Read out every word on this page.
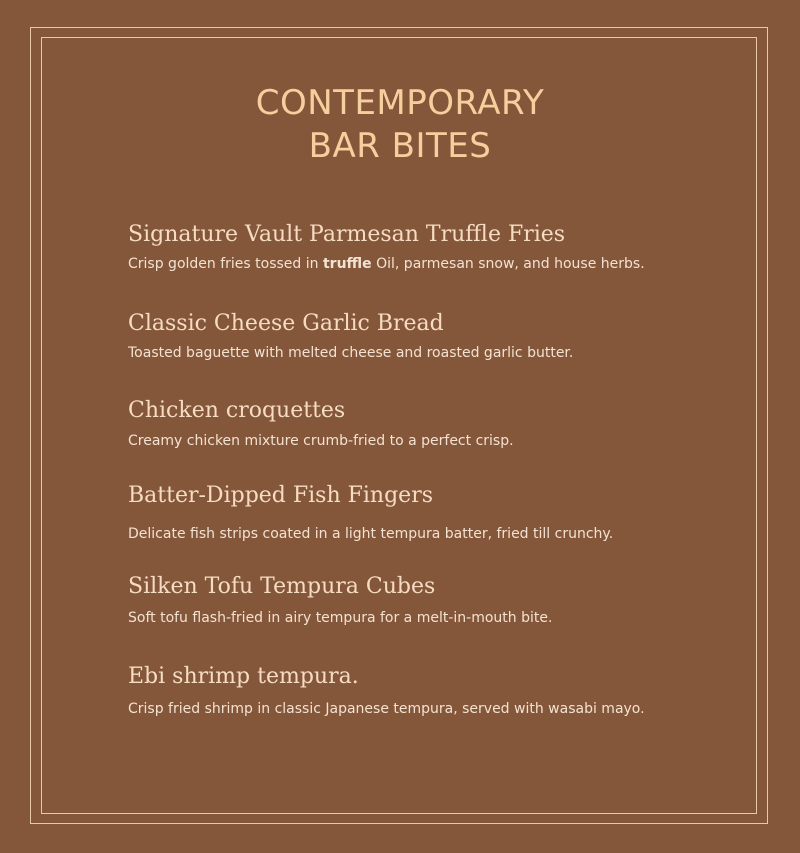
CONTEMPORARY
BAR BITES
Signature Vault Parmesan Truffle Fries
Crisp golden fries tossed in truffle Oil, parmesan snow, and house herbs.
Classic Cheese Garlic Bread
Toasted baguette with melted cheese and roasted garlic butter.
Chicken croquettes
Creamy chicken mixture crumb-fried to a perfect crisp.
Batter-Dipped Fish Fingers
Delicate fish strips coated in a light tempura batter, fried till crunchy.
Silken Tofu Tempura Cubes
Soft tofu flash-fried in airy tempura for a melt-in-mouth bite.
Ebi shrimp tempura.
Crisp fried shrimp in classic Japanese tempura, served with wasabi mayo.
